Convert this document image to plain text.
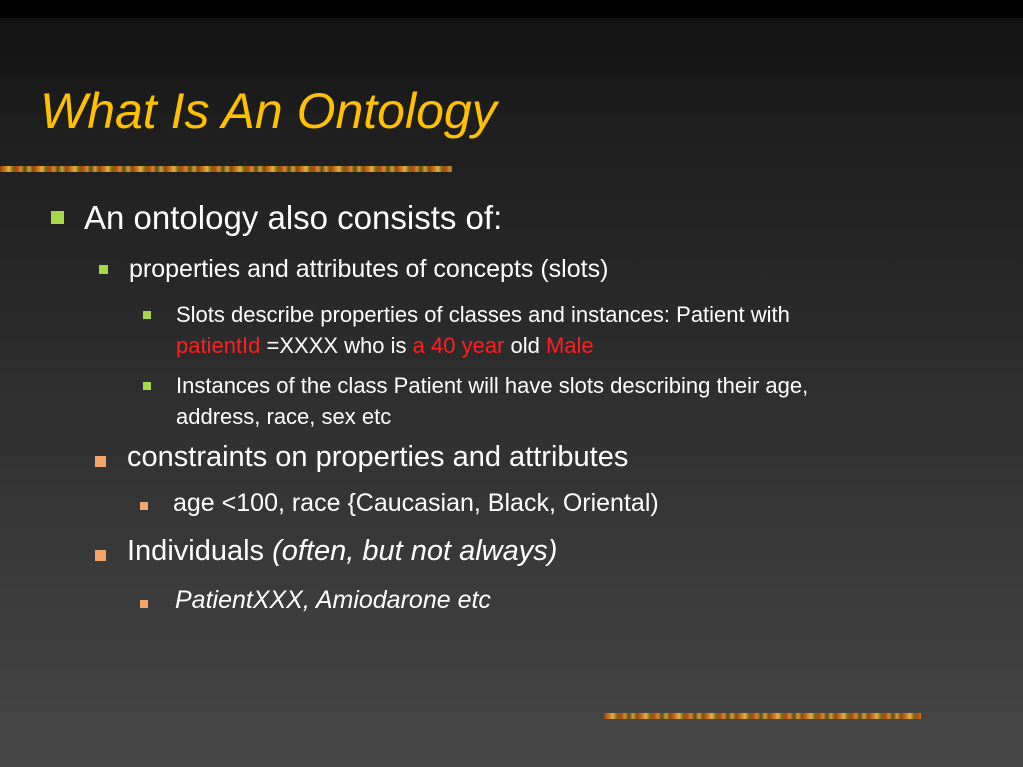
What Is An Ontology
An ontology also consists of:
properties and attributes of concepts (slots)
Slots describe properties of classes and instances: Patient with
patientId =XXXX who is a 40 year old Male
Instances of the class Patient will have slots describing their age,
address, race, sex etc
constraints on properties and attributes
age <100, race {Caucasian, Black, Oriental)
Individuals (often, but not always)
PatientXXX, Amiodarone etc
